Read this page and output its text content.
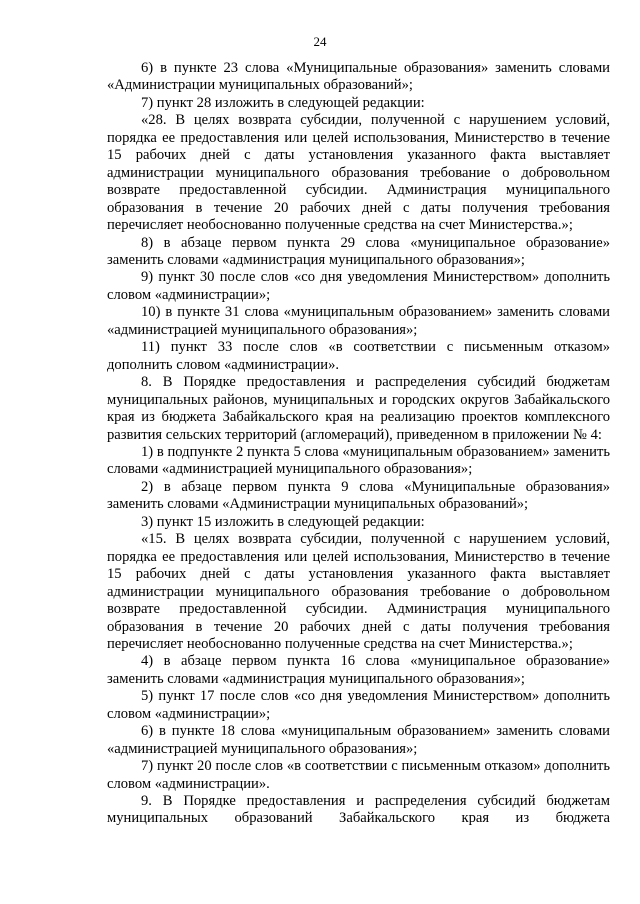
24

6) в пункте 23 слова «Муниципальные образования» заменить словами «Администрации муниципальных образований»;

7) пункт 28 изложить в следующей редакции:

«28. В целях возврата субсидии, полученной с нарушением условий, порядка ее предоставления или целей использования, Министерство в течение 15 рабочих дней с даты установления указанного факта выставляет администрации муниципального образования требование о добровольном возврате предоставленной субсидии. Администрация муниципального образования в течение 20 рабочих дней с даты получения требования перечисляет необоснованно полученные средства на счет Министерства.»;

8) в абзаце первом пункта 29 слова «муниципальное образование» заменить словами «администрация муниципального образования»;

9) пункт 30 после слов «со дня уведомления Министерством» дополнить словом «администрации»;

10) в пункте 31 слова «муниципальным образованием» заменить словами «администрацией муниципального образования»;

11) пункт 33 после слов «в соответствии с письменным отказом» дополнить словом «администрации».

8. В Порядке предоставления и распределения субсидий бюджетам муниципальных районов, муниципальных и городских округов Забайкальского края из бюджета Забайкальского края на реализацию проектов комплексного развития сельских территорий (агломераций), приведенном в приложении № 4:

1) в подпункте 2 пункта 5 слова «муниципальным образованием» заменить словами «администрацией муниципального образования»;

2) в абзаце первом пункта 9 слова «Муниципальные образования» заменить словами «Администрации муниципальных образований»;

3) пункт 15 изложить в следующей редакции:

«15. В целях возврата субсидии, полученной с нарушением условий, порядка ее предоставления или целей использования, Министерство в течение 15 рабочих дней с даты установления указанного факта выставляет администрации муниципального образования требование о добровольном возврате предоставленной субсидии. Администрация муниципального образования в течение 20 рабочих дней с даты получения требования перечисляет необоснованно полученные средства на счет Министерства.»;

4) в абзаце первом пункта 16 слова «муниципальное образование» заменить словами «администрация муниципального образования»;

5) пункт 17 после слов «со дня уведомления Министерством» дополнить словом «администрации»;

6) в пункте 18 слова «муниципальным образованием» заменить словами «администрацией муниципального образования»;

7) пункт 20 после слов «в соответствии с письменным отказом» дополнить словом «администрации».

9. В Порядке предоставления и распределения субсидий бюджетам муниципальных образований Забайкальского края из бюджета
